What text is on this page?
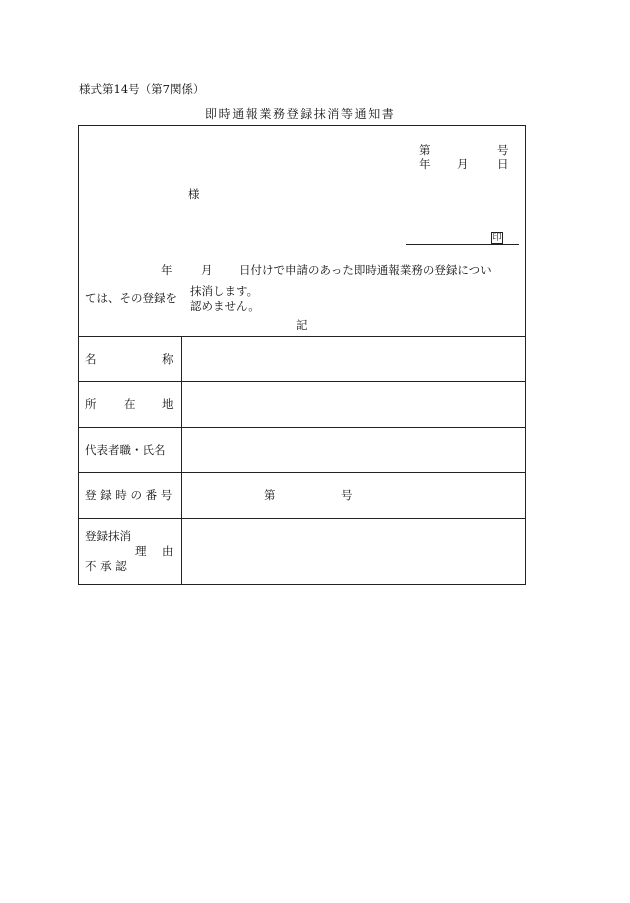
様式第14号（第7関係）
即時通報業務登録抹消等通知書
第	号
年 月 日
様
印
年 月 日付けで申請のあった即時通報業務の登録につい
ては、その登録を 抹消します。
認めません。
記
名	称
所 在 地
代表者職・氏名
登 録 時 の 番 号	第	号
登録抹消
理 由
不 承 認
